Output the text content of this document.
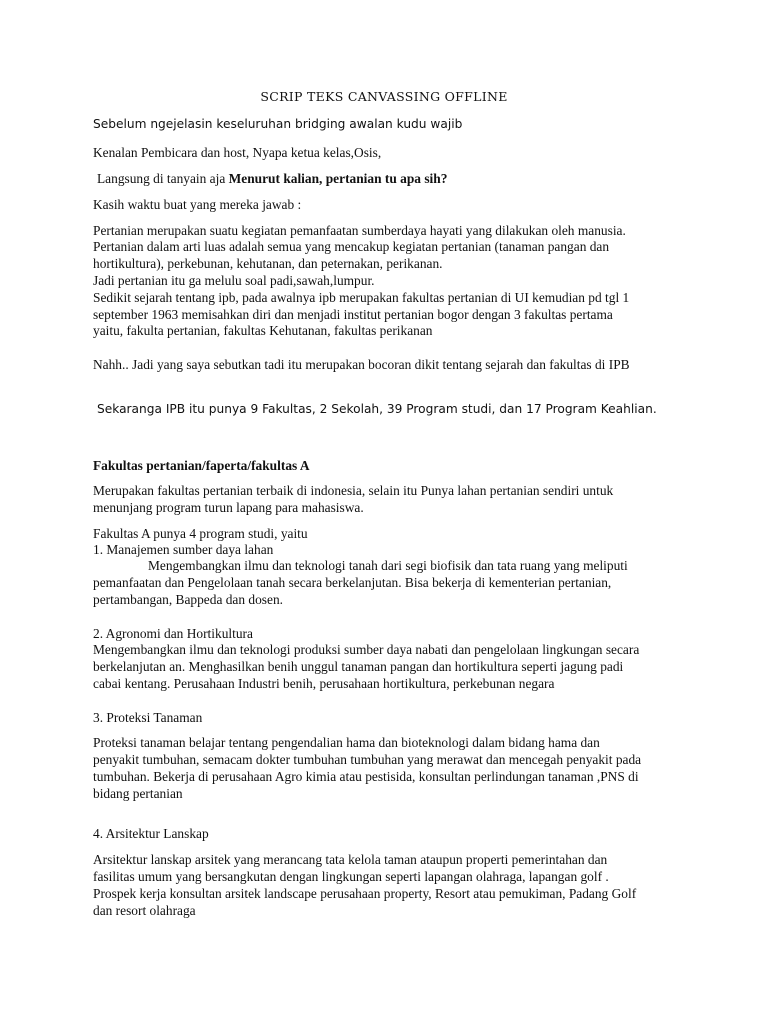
SCRIP TEKS CANVASSING OFFLINE
Sebelum ngejelasin keseluruhan bridging awalan kudu wajib
Kenalan Pembicara dan host, Nyapa ketua kelas,Osis,
Langsung di tanyain aja Menurut kalian, pertanian tu apa sih?
Kasih waktu buat yang mereka jawab :
Pertanian merupakan suatu kegiatan pemanfaatan sumberdaya hayati yang dilakukan oleh manusia.
Pertanian dalam arti luas adalah semua yang mencakup kegiatan pertanian (tanaman pangan dan
hortikultura), perkebunan, kehutanan, dan peternakan, perikanan.
Jadi pertanian itu ga melulu soal padi,sawah,lumpur.
Sedikit sejarah tentang ipb, pada awalnya ipb merupakan fakultas pertanian di UI kemudian pd tgl 1
september 1963 memisahkan diri dan menjadi institut pertanian bogor dengan 3 fakultas pertama
yaitu, fakulta pertanian, fakultas Kehutanan, fakultas perikanan
Nahh.. Jadi yang saya sebutkan tadi itu merupakan bocoran dikit tentang sejarah dan fakultas di IPB
Sekaranga IPB itu punya 9 Fakultas, 2 Sekolah, 39 Program studi, dan 17 Program Keahlian.
Fakultas pertanian/faperta/fakultas A
Merupakan fakultas pertanian terbaik di indonesia, selain itu Punya lahan pertanian sendiri untuk
menunjang program turun lapang para mahasiswa.
Fakultas A punya 4 program studi, yaitu
1. Manajemen sumber daya lahan
Mengembangkan ilmu dan teknologi tanah dari segi biofisik dan tata ruang yang meliputi
pemanfaatan dan Pengelolaan tanah secara berkelanjutan. Bisa bekerja di kementerian pertanian,
pertambangan, Bappeda dan dosen.
2. Agronomi dan Hortikultura
Mengembangkan ilmu dan teknologi produksi sumber daya nabati dan pengelolaan lingkungan secara
berkelanjutan an. Menghasilkan benih unggul tanaman pangan dan hortikultura seperti jagung padi
cabai kentang. Perusahaan Industri benih, perusahaan hortikultura, perkebunan negara
3. Proteksi Tanaman
Proteksi tanaman belajar tentang pengendalian hama dan bioteknologi dalam bidang hama dan
penyakit tumbuhan, semacam dokter tumbuhan tumbuhan yang merawat dan mencegah penyakit pada
tumbuhan. Bekerja di perusahaan Agro kimia atau pestisida, konsultan perlindungan tanaman ,PNS di
bidang pertanian
4. Arsitektur Lanskap
Arsitektur lanskap arsitek yang merancang tata kelola taman ataupun properti pemerintahan dan
fasilitas umum yang bersangkutan dengan lingkungan seperti lapangan olahraga, lapangan golf .
Prospek kerja konsultan arsitek landscape perusahaan property, Resort atau pemukiman, Padang Golf
dan resort olahraga
